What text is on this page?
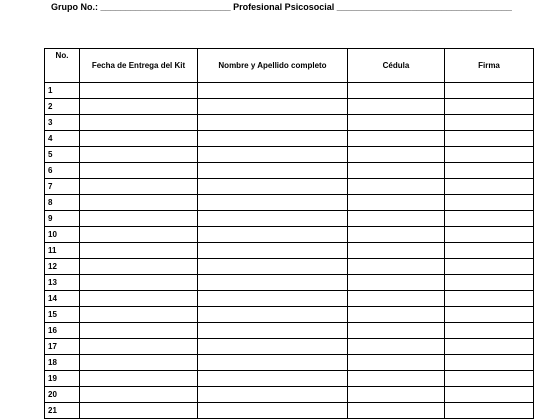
Grupo No.: __________________________ Profesional Psicosocial ___________________________________
No.	Fecha de Entrega del Kit	Nombre y Apellido completo	Cédula	Firma
1				
2				
3				
4				
5				
6				
7				
8				
9				
10				
11				
12				
13				
14				
15				
16				
17				
18				
19				
20				
21				
